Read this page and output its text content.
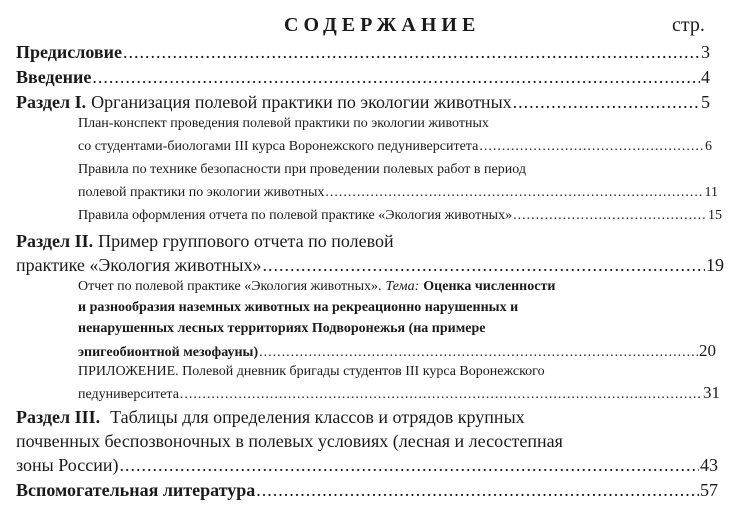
СОДЕРЖАНИЕ	стр.
Предисловие .....	3
Введение .....	4
Раздел I. Организация полевой практики по экологии животных .....	5
План-конспект проведения полевой практики по экологии животных
со студентами-биологами III курса Воронежского педуниверситета .....	6
Правила по технике безопасности при проведении полевых работ в период
полевой практики по экологии животных .....	11
Правила оформления отчета по полевой практике «Экология животных» .....	15
Раздел II. Пример группового отчета по полевой
практике «Экология животных» .....	19
Отчет по полевой практике «Экология животных». Тема: Оценка численности
и разнообразия наземных животных на рекреационно нарушенных и
ненарушенных лесных территориях Подворонежья (на примере
эпигеобионтной мезофауны) .....	20
ПРИЛОЖЕНИЕ. Полевой дневник бригады студентов III курса Воронежского
педуниверситета .....	31
Раздел III. Таблицы для определения классов и отрядов крупных
почвенных беспозвоночных в полевых условиях (лесная и лесостепная
зоны России) .....	43
Вспомогательная литература .....	57
